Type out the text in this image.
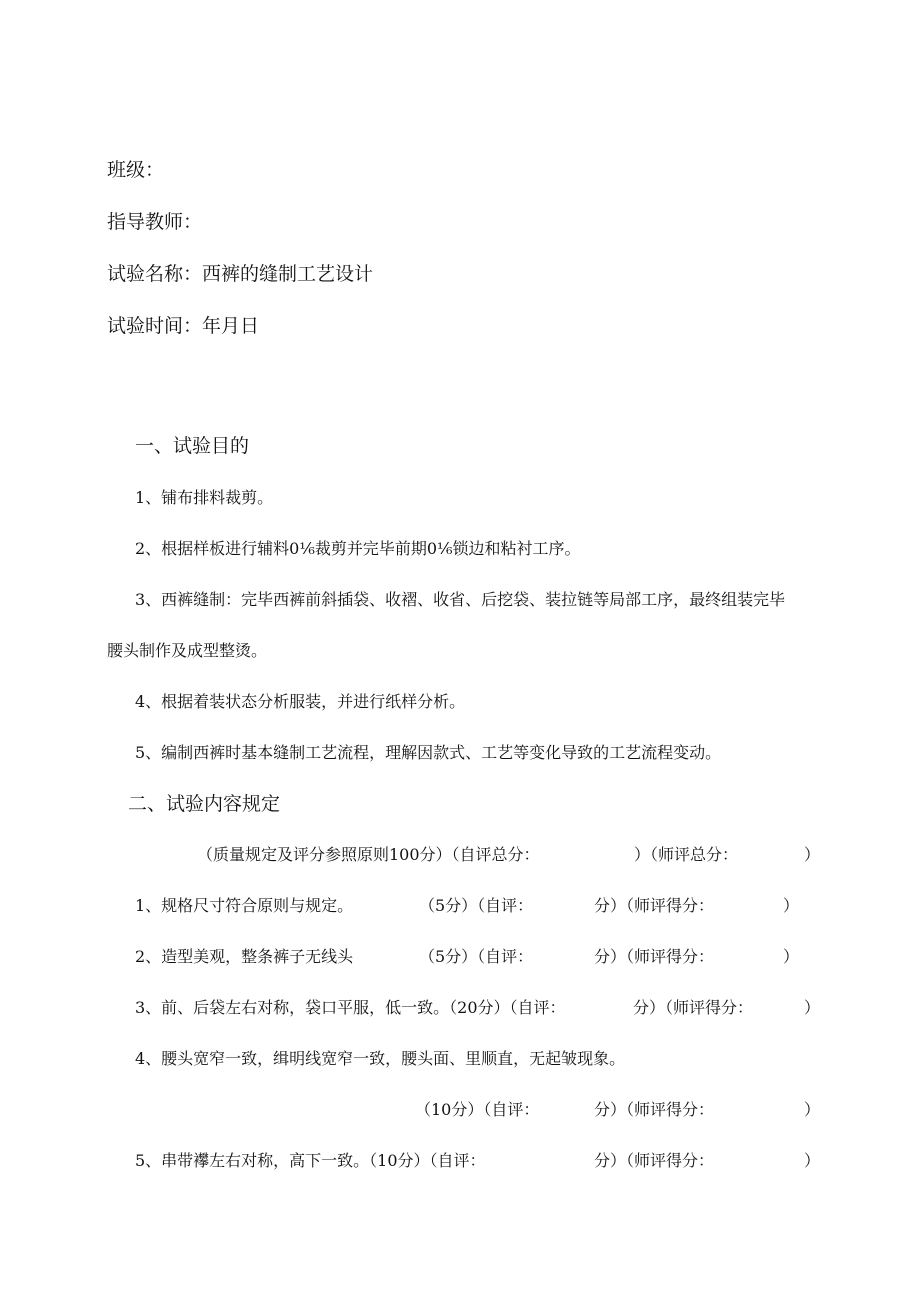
班级：
指导教师：
试验名称：西裤的缝制工艺设计
试验时间：年月日
一、试验目的
1、铺布排料裁剪。
2、根据样板进行辅料0⅙裁剪并完毕前期0⅙锁边和粘衬工序。
3、西裤缝制：完毕西裤前斜插袋、收褶、收省、后挖袋、装拉链等局部工序，最终组装完毕
腰头制作及成型整烫。
4、根据着装状态分析服装，并进行纸样分析。
5、编制西裤时基本缝制工艺流程，理解因款式、工艺等变化导致的工艺流程变动。
二、试验内容规定
（质量规定及评分参照原则100分）（自评总分：	）（师评总分：	）
1、规格尺寸符合原则与规定。	（5分）（自评：	分）（师评得分：	）
2、造型美观，整条裤子无线头	（5分）（自评：	分）（师评得分：	）
3、前、后袋左右对称，袋口平服，低一致。（20分）（自评：	分）（师评得分：	）
4、腰头宽窄一致，缉明线宽窄一致，腰头面、里顺直，无起皱现象。
（10分）（自评：	分）（师评得分：	）
5、串带襻左右对称，高下一致。（10分）（自评：	分）（师评得分：	）
